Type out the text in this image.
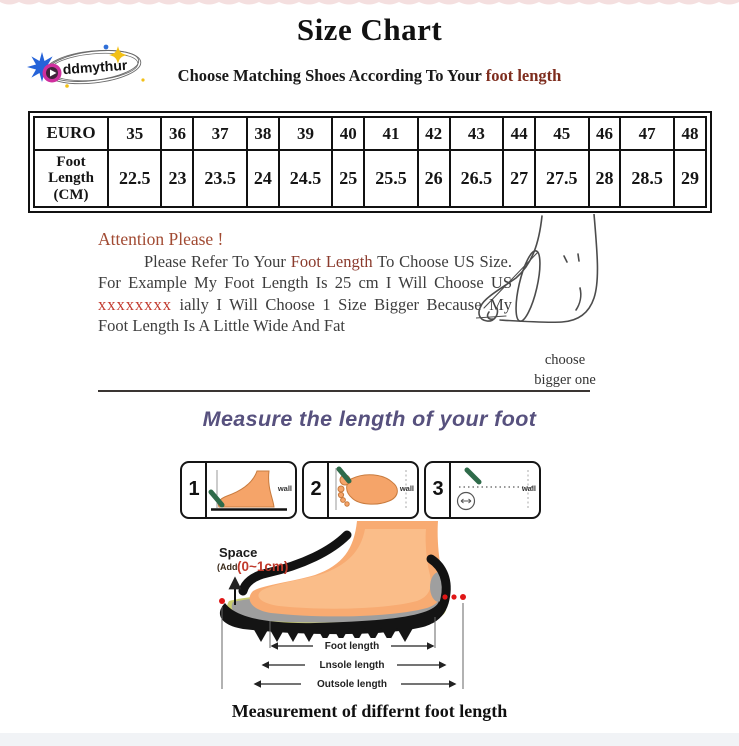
Size Chart
Choose Matching Shoes According To Your foot length
ddmythur
EURO	35	36	37	38	39	40	41	42	43	44	45	46	47	48
Foot Length (CM)	22.5	23	23.5	24	24.5	25	25.5	26	26.5	27	27.5	28	28.5	29
Attention Please !

Please Refer To Your Foot Length To Choose US Size. For Example My Foot Length Is 25 cm I Will Choose US xxxxxxxx ially I Will Choose 1 Size Bigger Because My Foot Length Is A Little Wide And Fat

choose
bigger one
Measure the length of your foot
1	wall 2	wall 3	wall
Space
(Add (0~1cm)
Foot length
Lnsole length
Outsole length
Measurement of differnt foot length
